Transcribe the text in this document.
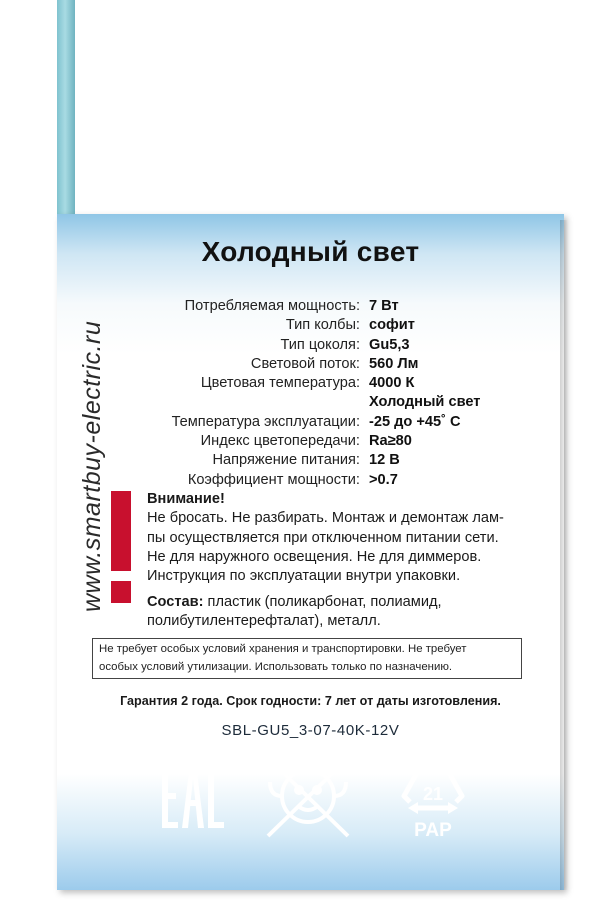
Холодный свет
www.smartbuy-electric.ru
Потребляемая мощность: 7 Вт
Тип колбы: софит
Тип цоколя: Gu5,3
Световой поток: 560 Лм
Цветовая температура: 4000 К
Холодный свет
Температура эксплуатации: -25 до +45˚ С
Индекс цветопередачи: Ra≥80
Напряжение питания: 12 В
Коэффициент мощности: >0.7
Внимание!
Не бросать. Не разбирать. Монтаж и демонтаж лам-
пы осуществляется при отключенном питании сети.
Не для наружного освещения. Не для диммеров.
Инструкция по эксплуатации внутри упаковки.
Состав: пластик (поликарбонат, полиамид,
полибутилентерефталат), металл.
Не требует особых условий хранения и транспортировки. Не требует
особых условий утилизации. Использовать только по назначению.
Гарантия 2 года. Срок годности: 7 лет от даты изготовления.
SBL-GU5_3-07-40K-12V
21
PAP
